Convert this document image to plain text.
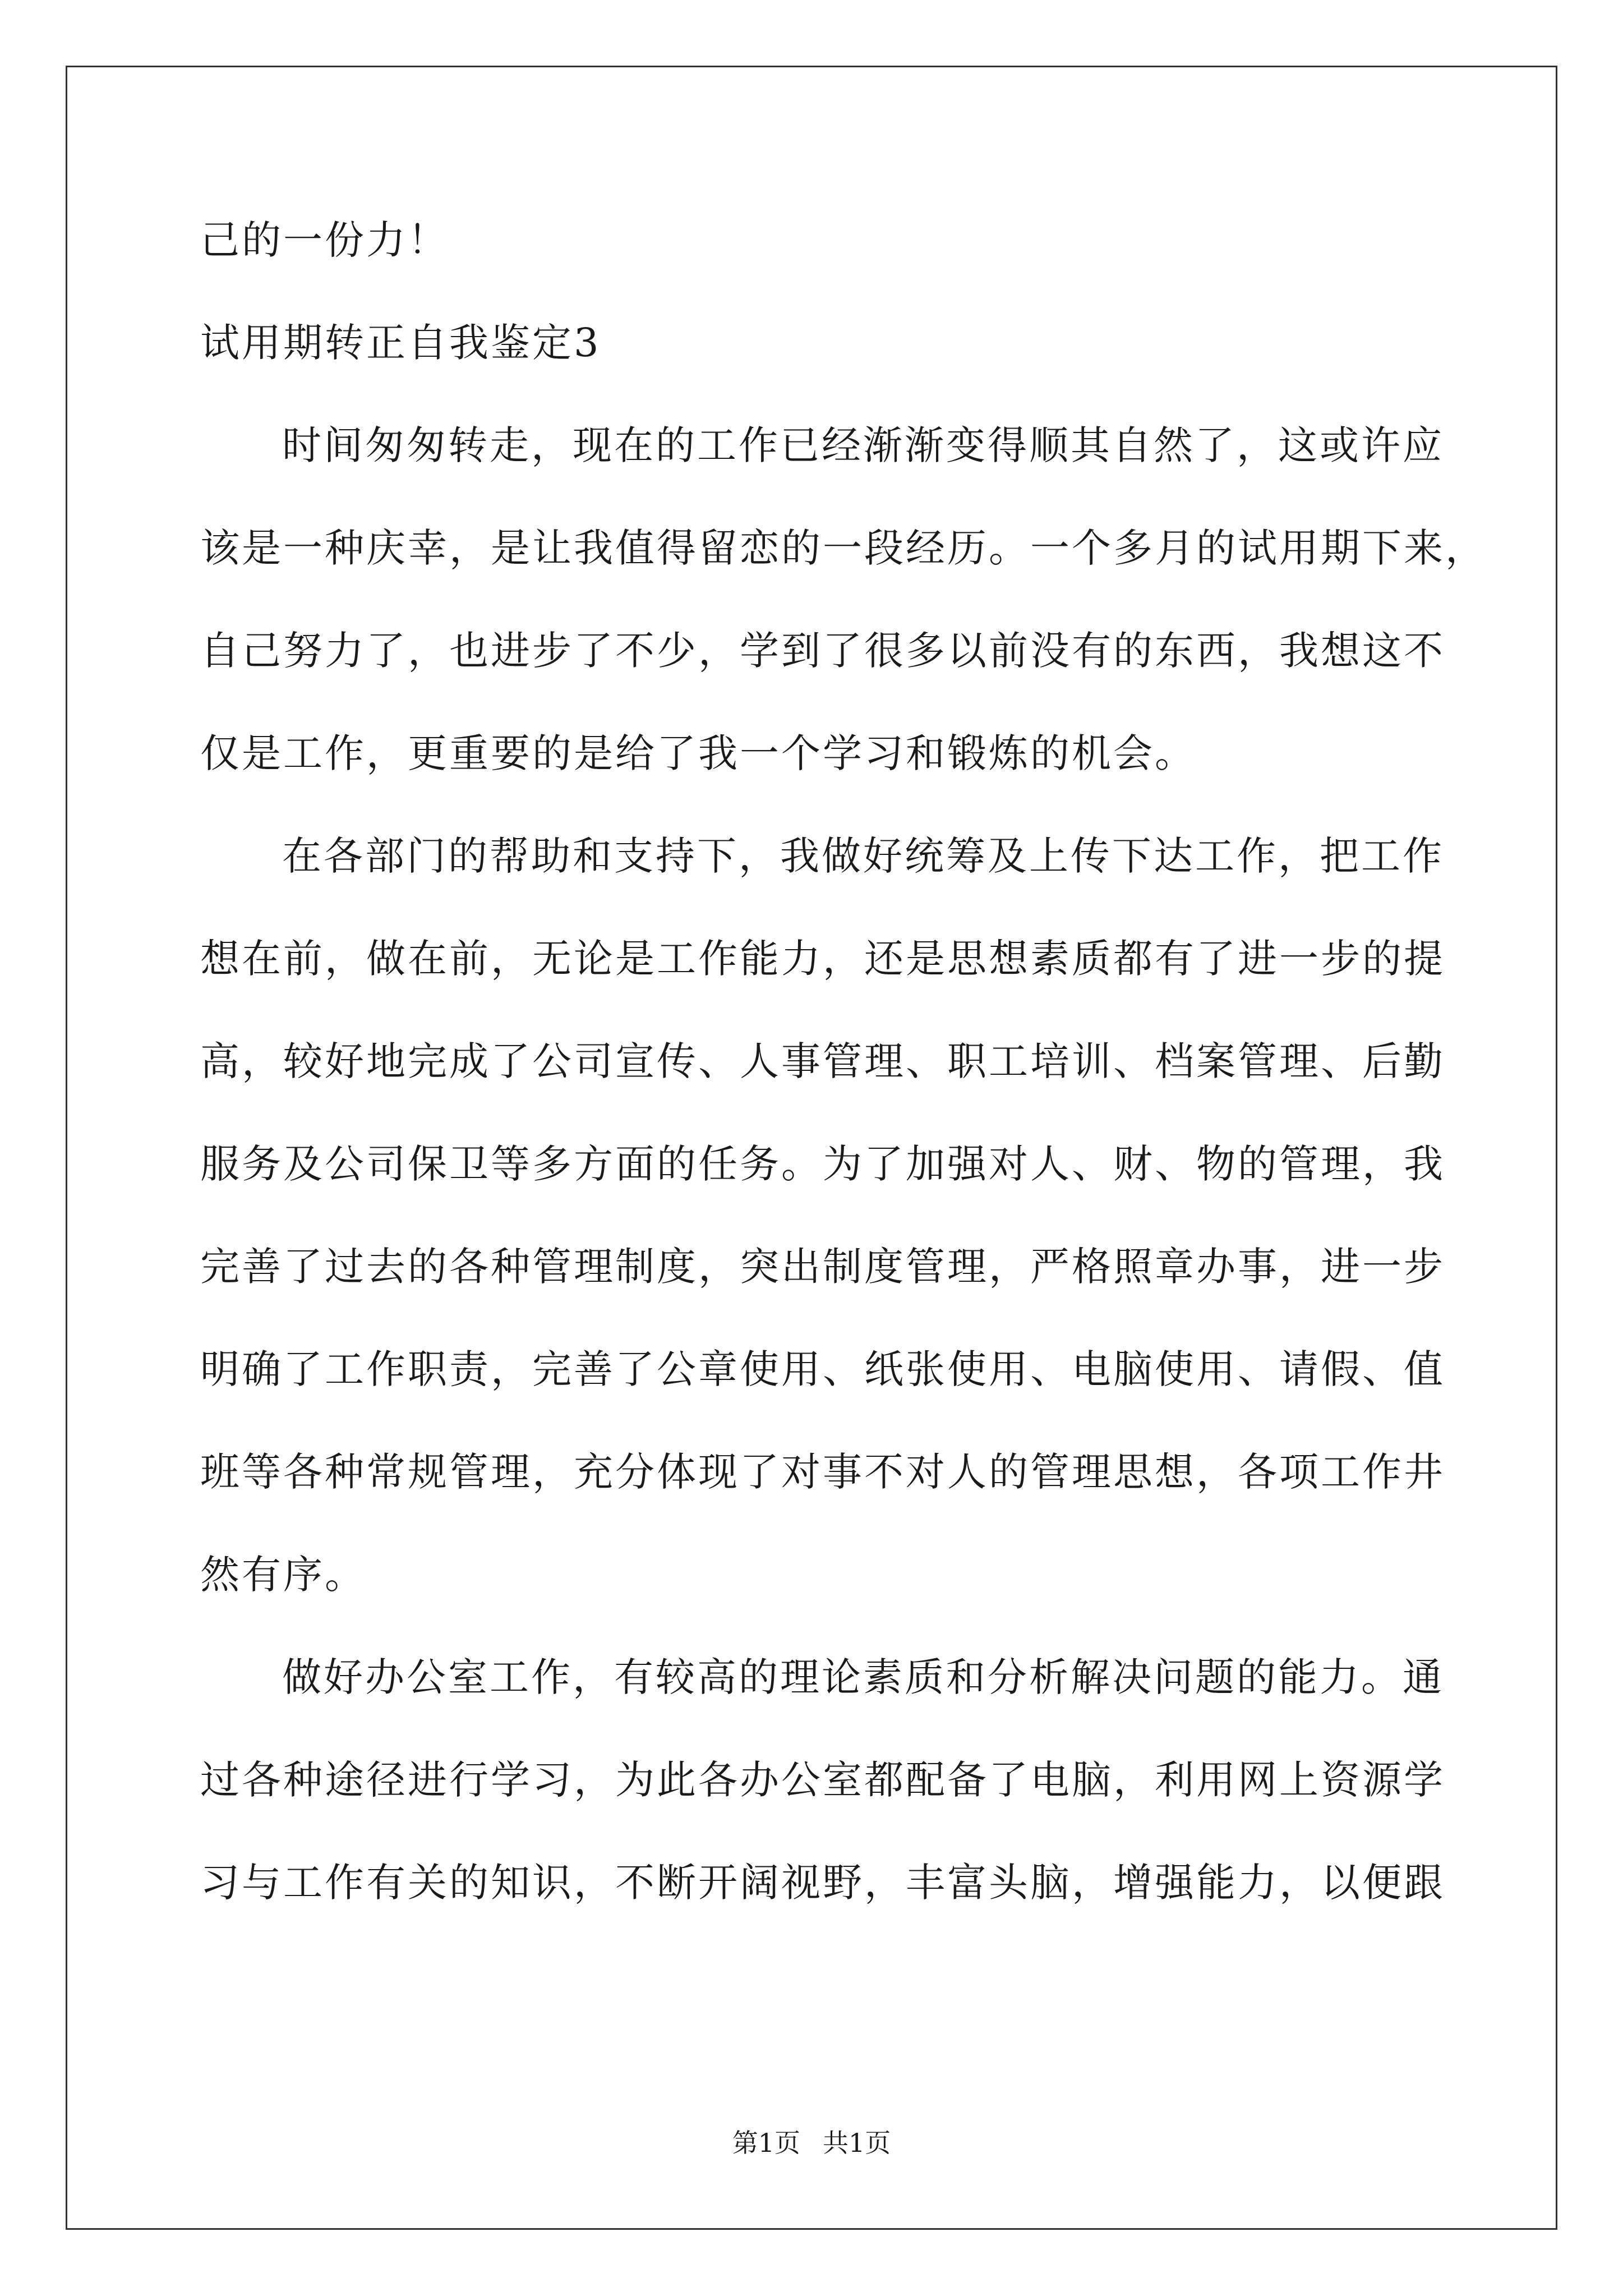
己的一份力！
试用期转正自我鉴定3
时间匆匆转走，现在的工作已经渐渐变得顺其自然了，这或许应
该是一种庆幸，是让我值得留恋的一段经历。一个多月的试用期下来，
自己努力了，也进步了不少，学到了很多以前没有的东西，我想这不
仅是工作，更重要的是给了我一个学习和锻炼的机会。
在各部门的帮助和支持下，我做好统筹及上传下达工作，把工作
想在前，做在前，无论是工作能力，还是思想素质都有了进一步的提
高，较好地完成了公司宣传、人事管理、职工培训、档案管理、后勤
服务及公司保卫等多方面的任务。为了加强对人、财、物的管理，我
完善了过去的各种管理制度，突出制度管理，严格照章办事，进一步
明确了工作职责，完善了公章使用、纸张使用、电脑使用、请假、值
班等各种常规管理，充分体现了对事不对人的管理思想，各项工作井
然有序。
做好办公室工作，有较高的理论素质和分析解决问题的能力。通
过各种途径进行学习，为此各办公室都配备了电脑，利用网上资源学
习与工作有关的知识，不断开阔视野，丰富头脑，增强能力，以便跟
第1页 共1页
